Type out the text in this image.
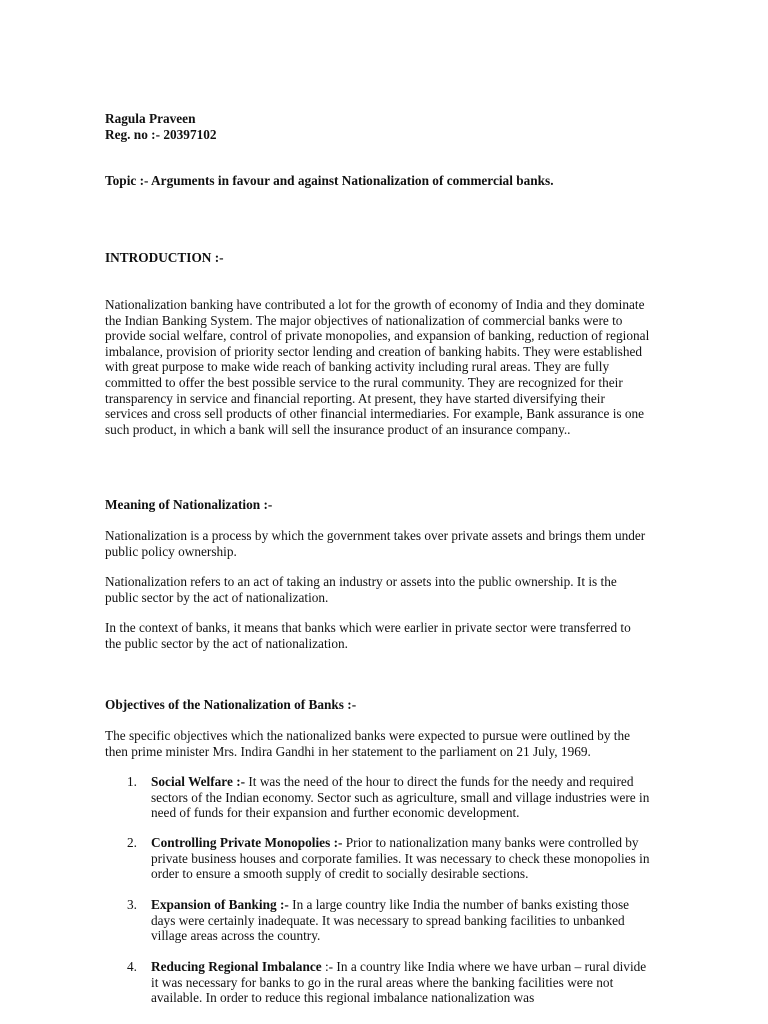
Ragula Praveen

Reg. no :- 20397102

Topic :- Arguments in favour and against Nationalization of commercial banks.

INTRODUCTION :-

Nationalization banking have contributed a lot for the growth of economy of India and they dominate the Indian Banking System. The major objectives of nationalization of commercial banks were to provide social welfare, control of private monopolies, and expansion of banking, reduction of regional imbalance, provision of priority sector lending and creation of banking habits. They were established with great purpose to make wide reach of banking activity including rural areas. They are fully committed to offer the best possible service to the rural community. They are recognized for their transparency in service and financial reporting. At present, they have started diversifying their services and cross sell products of other financial intermediaries. For example, Bank assurance is one such product, in which a bank will sell the insurance product of an insurance company..

Meaning of Nationalization :-

Nationalization is a process by which the government takes over private assets and brings them under public policy ownership.

Nationalization refers to an act of taking an industry or assets into the public ownership. It is the public sector by the act of nationalization.

In the context of banks, it means that banks which were earlier in private sector were transferred to the public sector by the act of nationalization.

Objectives of the Nationalization of Banks :-

The specific objectives which the nationalized banks were expected to pursue were outlined by the then prime minister Mrs. Indira Gandhi in her statement to the parliament on 21 July, 1969.

1. Social Welfare :- It was the need of the hour to direct the funds for the needy and required sectors of the Indian economy. Sector such as agriculture, small and village industries were in need of funds for their expansion and further economic development.
2. Controlling Private Monopolies :- Prior to nationalization many banks were controlled by private business houses and corporate families. It was necessary to check these monopolies in order to ensure a smooth supply of credit to socially desirable sections.
3. Expansion of Banking :- In a large country like India the number of banks existing those days were certainly inadequate. It was necessary to spread banking facilities to unbanked village areas across the country.
4. Reducing Regional Imbalance :- In a country like India where we have urban – rural divide it was necessary for banks to go in the rural areas where the banking facilities were not available. In order to reduce this regional imbalance nationalization was
